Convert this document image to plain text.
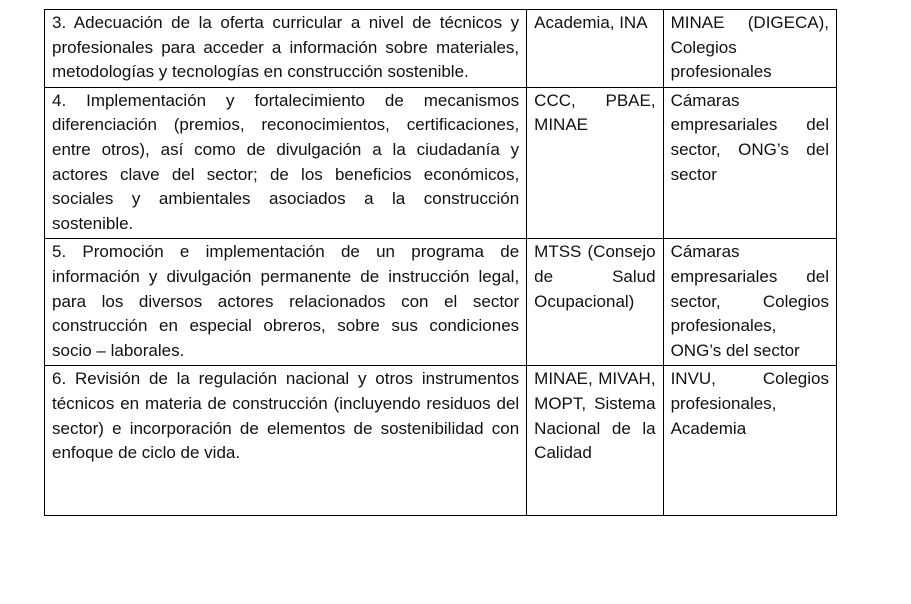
3. Adecuación de la oferta curricular a nivel de técnicos y profesionales para acceder a información sobre materiales, metodologías y tecnologías en construcción sostenible.	Academia, INA	MINAE (DIGECA), Colegios profesionales

4. Implementación y fortalecimiento de mecanismos diferenciación (premios, reconocimientos, certificaciones, entre otros), así como de divulgación a la ciudadanía y actores clave del sector; de los beneficios económicos, sociales y ambientales asociados a la construcción sostenible.	CCC, PBAE, MINAE	Cámaras empresariales del sector, ONG’s del sector

5. Promoción e implementación de un programa de información y divulgación permanente de instrucción legal, para los diversos actores relacionados con el sector construcción en especial obreros, sobre sus condiciones socio – laborales.	MTSS (Consejo de Salud Ocupacional)	Cámaras empresariales del sector, Colegios profesionales, ONG’s del sector

6. Revisión de la regulación nacional y otros instrumentos técnicos en materia de construcción (incluyendo residuos del sector) e incorporación de elementos de sostenibilidad con enfoque de ciclo de vida.	MINAE, MIVAH, MOPT, Sistema Nacional de la Calidad	INVU, Colegios profesionales, Academia
